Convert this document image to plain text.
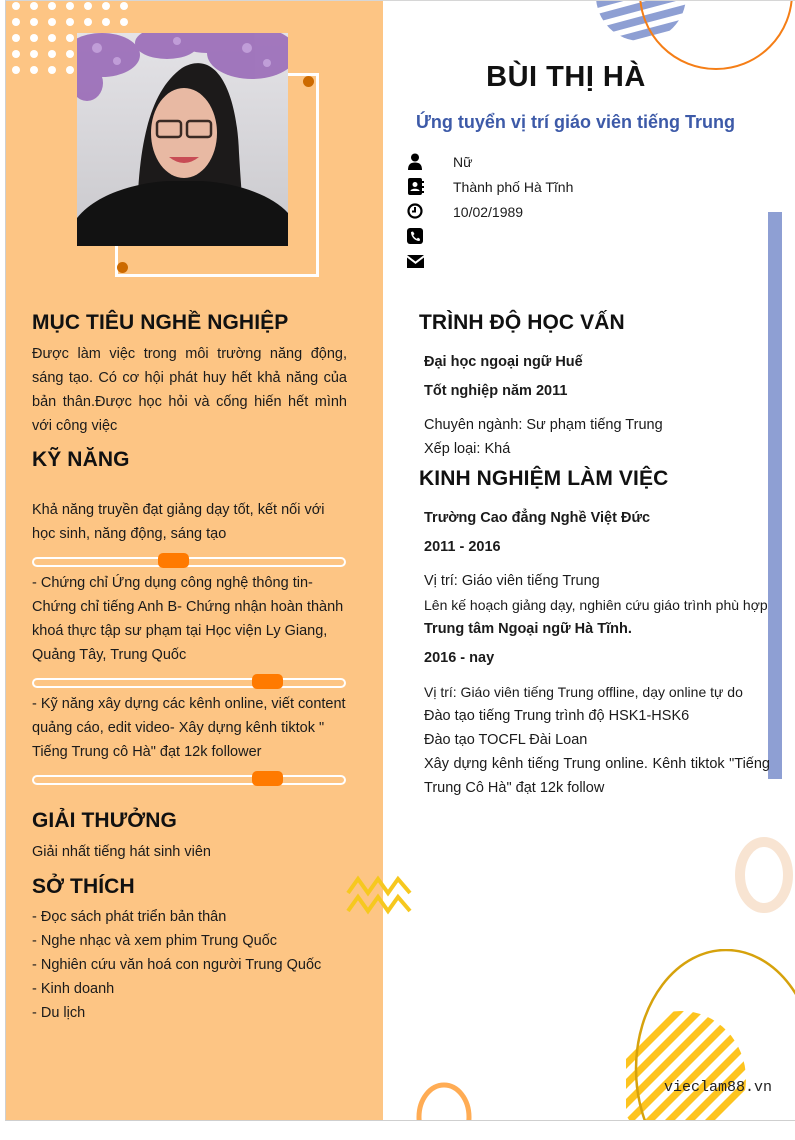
MỤC TIÊU NGHỀ NGHIỆP

Được làm việc trong môi trường năng động, sáng tạo. Có cơ hội phát huy hết khả năng của bản thân.Được học hỏi và cống hiến hết mình với công việc

KỸ NĂNG

Khả năng truyền đạt giảng dạy tốt, kết nối với học sinh, năng động, sáng tạo

- Chứng chỉ Ứng dụng công nghệ thông tin- Chứng chỉ tiếng Anh B- Chứng nhận hoàn thành khoá thực tập sư phạm tại Học viện Ly Giang, Quảng Tây, Trung Quốc

- Kỹ năng xây dựng các kênh online, viết content quảng cáo, edit video- Xây dựng kênh tiktok " Tiếng Trung cô Hà" đạt 12k follower

GIẢI THƯỞNG

Giải nhất tiếng hát sinh viên

SỞ THÍCH

- Đọc sách phát triển bản thân

- Nghe nhạc và xem phim Trung Quốc

- Nghiên cứu văn hoá con người Trung Quốc

- Kinh doanh

- Du lịch

BÙI THỊ HÀ
Ứng tuyển vị trí giáo viên tiếng Trung
Nữ
Thành phố Hà Tĩnh
10/02/1989
TRÌNH ĐỘ HỌC VẤN

Đại học ngoại ngữ Huế

Tốt nghiệp năm 2011

Chuyên ngành: Sư phạm tiếng Trung

Xếp loại: Khá

KINH NGHIỆM LÀM VIỆC

Trường Cao đẳng Nghề Việt Đức

2011 - 2016

Vị trí: Giáo viên tiếng Trung

Lên kế hoạch giảng dạy, nghiên cứu giáo trình phù hợp

Trung tâm Ngoại ngữ Hà Tĩnh.

2016 - nay

Vị trí: Giáo viên tiếng Trung offline, dạy online tự do

Đào tạo tiếng Trung trình độ HSK1-HSK6

Đào tạo TOCFL Đài Loan

Xây dựng kênh tiếng Trung online. Kênh tiktok "Tiếng Trung Cô Hà" đạt 12k follow

vieclam88.vn
